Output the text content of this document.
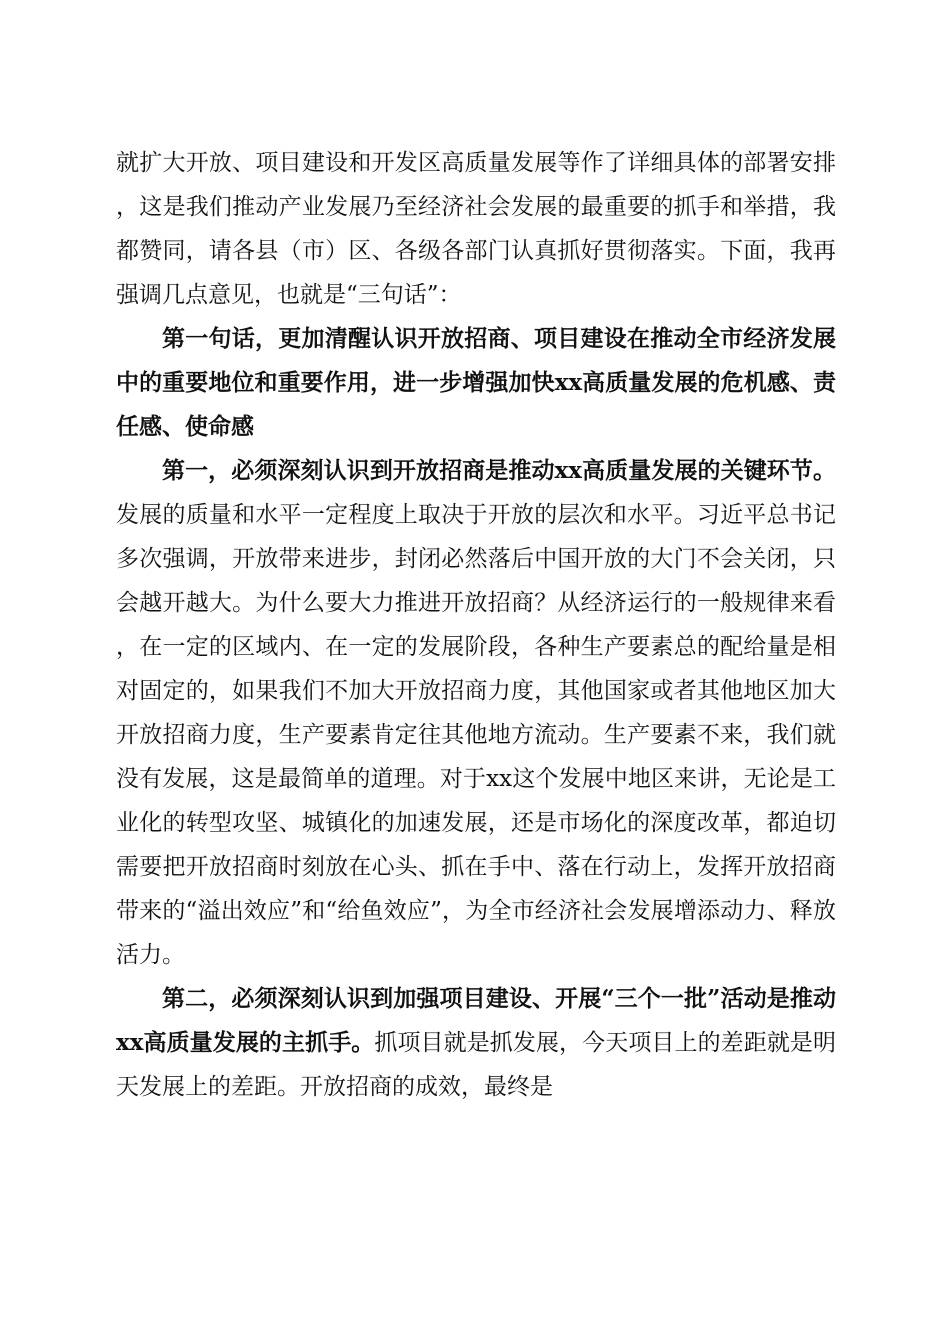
就扩大开放、项目建设和开发区高质量发展等作了详细具体的部署安排，这是我们推动产业发展乃至经济社会发展的最重要的抓手和举措，我都赞同，请各县（市）区、各级各部门认真抓好贯彻落实。下面，我再强调几点意见，也就是“三句话”：

第一句话，更加清醒认识开放招商、项目建设在推动全市经济发展中的重要地位和重要作用，进一步增强加快xx高质量发展的危机感、责任感、使命感

第一，必须深刻认识到开放招商是推动xx高质量发展的关键环节。发展的质量和水平一定程度上取决于开放的层次和水平。习近平总书记多次强调，开放带来进步，封闭必然落后中国开放的大门不会关闭，只会越开越大。为什么要大力推进开放招商？从经济运行的一般规律来看，在一定的区域内、在一定的发展阶段，各种生产要素总的配给量是相对固定的，如果我们不加大开放招商力度，其他国家或者其他地区加大开放招商力度，生产要素肯定往其他地方流动。生产要素不来，我们就没有发展，这是最简单的道理。对于xx这个发展中地区来讲，无论是工业化的转型攻坚、城镇化的加速发展，还是市场化的深度改革，都迫切需要把开放招商时刻放在心头、抓在手中、落在行动上，发挥开放招商带来的“溢出效应”和“给鱼效应”，为全市经济社会发展增添动力、释放活力。

第二，必须深刻认识到加强项目建设、开展“三个一批”活动是推动xx高质量发展的主抓手。抓项目就是抓发展，今天项目上的差距就是明天发展上的差距。开放招商的成效，最终是
